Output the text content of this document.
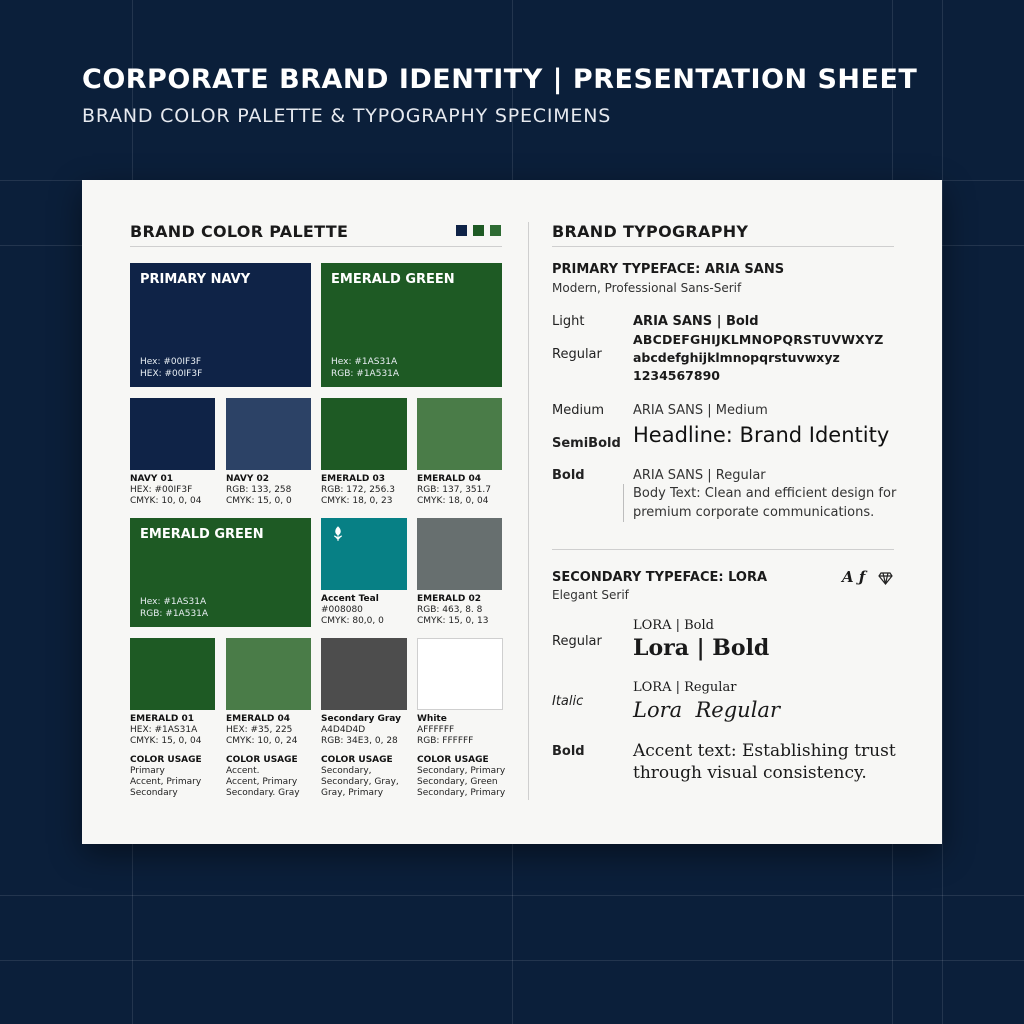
CORPORATE BRAND IDENTITY | PRESENTATION SHEET
BRAND COLOR PALETTE & TYPOGRAPHY SPECIMENS
BRAND COLOR PALETTE
PRIMARY NAVY
Hex: #00IF3F
HEX: #00IF3F
EMERALD GREEN
Hex: #1AS31A
RGB: #1A531A
NAVY 01
HEX: #00IF3F
CMYK: 10, 0, 04
NAVY 02
RGB: 133, 258
CMYK: 15, 0, 0
EMERALD 03
RGB: 172, 256.3
CMYK: 18, 0, 23
EMERALD 04
RGB: 137, 351.7
CMYK: 18, 0, 04
EMERALD GREEN
Hex: #1AS31A
RGB: #1A531A
Accent Teal
#008080
CMYK: 80,0, 0
EMERALD 02
RGB: 463, 8. 8
CMYK: 15, 0, 13
EMERALD 01
HEX: #1AS31A
CMYK: 15, 0, 04
EMERALD 04
HEX: #35, 225
CMYK: 10, 0, 24
Secondary Gray
A4D4D4D
RGB: 34E3, 0, 28
White
AFFFFFF
RGB: FFFFFF
COLOR USAGE
Primary
Accent, Primary
Secondary
COLOR USAGE
Accent.
Accent, Primary
Secondary. Gray
COLOR USAGE
Secondary,
Secondary, Gray,
Gray, Primary
COLOR USAGE
Secondary, Primary
Secondary, Green
Secondary, Primary
BRAND TYPOGRAPHY
PRIMARY TYPEFACE: ARIA SANS
Modern, Professional Sans-Serif
Light
Regular
Medium
SemiBold
Bold
ARIA SANS | Bold
ABCDEFGHIJKLMNOPQRSTUVWXYZ
abcdefghijklmnopqrstuvwxyz
1234567890
ARIA SANS | Medium
Headline: Brand Identity
ARIA SANS | Regular
Body Text: Clean and efficient design for
premium corporate communications.
SECONDARY TYPEFACE: LORA	A ƒ
Elegant Serif
Regular
Italic
Bold
LORA | Bold
Lora | Bold
LORA | Regular
Lora  Regular
Accent text: Establishing trust
through visual consistency.
